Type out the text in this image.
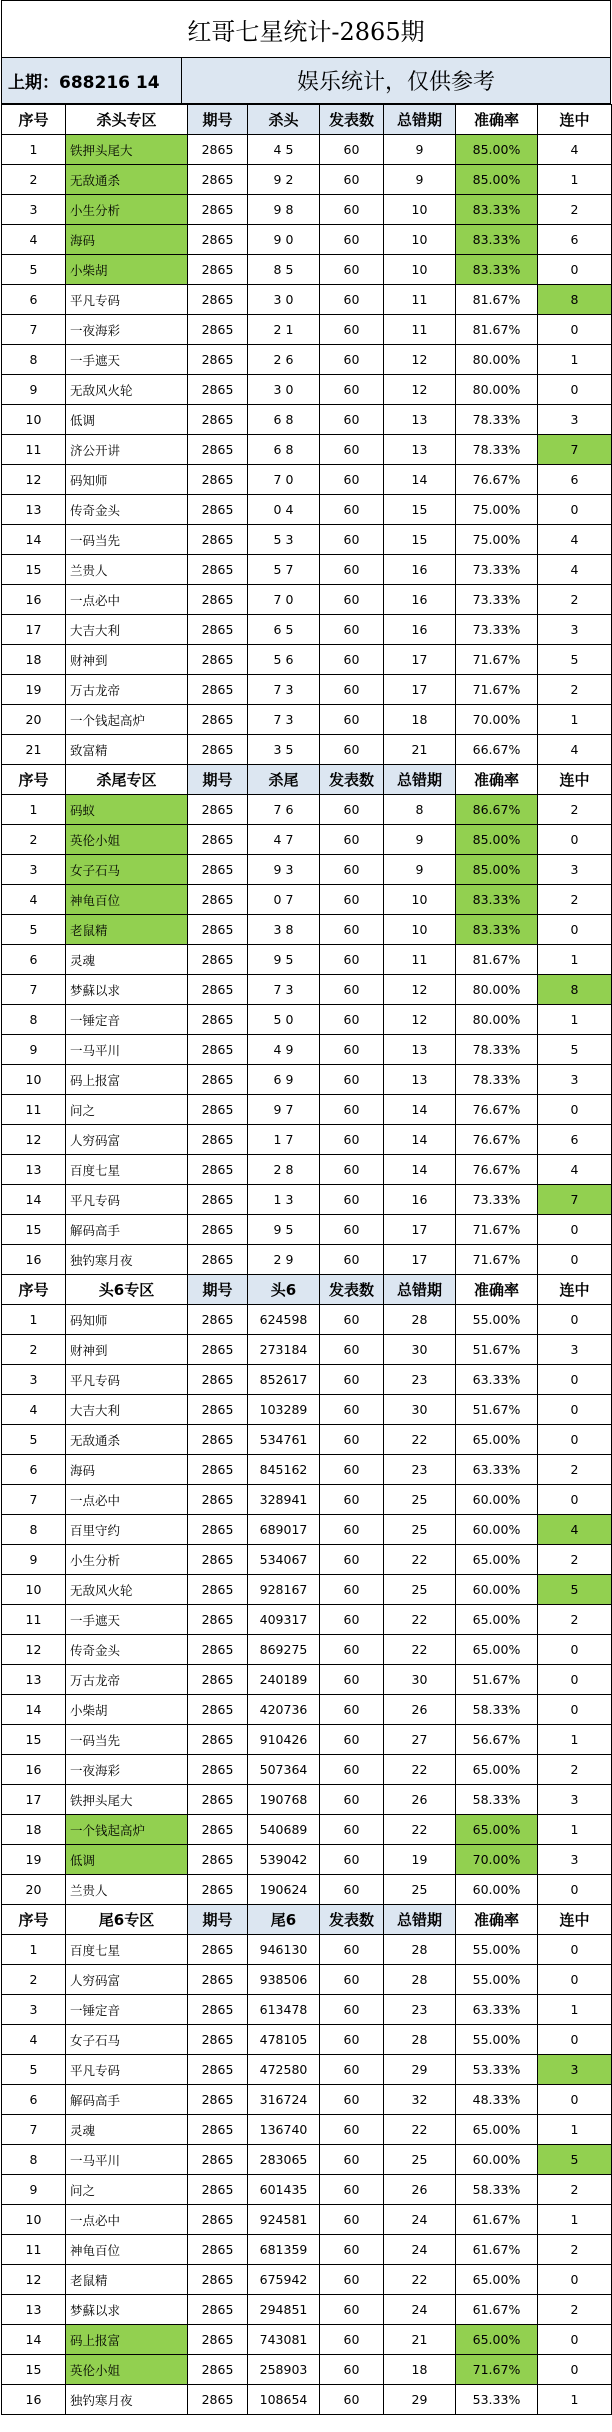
红哥七星统计-2865期
上期：688216 14	娱乐统计，仅供参考
序号	杀头专区	期号	杀头	发表数	总错期	准确率	连中
1	铁押头尾大	2865	4 5	60	9	85.00%	4
2	无敌通杀	2865	9 2	60	9	85.00%	1
3	小生分析	2865	9 8	60	10	83.33%	2
4	海码	2865	9 0	60	10	83.33%	6
5	小柴胡	2865	8 5	60	10	83.33%	0
6	平凡专码	2865	3 0	60	11	81.67%	8
7	一夜海彩	2865	2 1	60	11	81.67%	0
8	一手遮天	2865	2 6	60	12	80.00%	1
9	无敌风火轮	2865	3 0	60	12	80.00%	0
10	低调	2865	6 8	60	13	78.33%	3
11	济公开讲	2865	6 8	60	13	78.33%	7
12	码知师	2865	7 0	60	14	76.67%	6
13	传奇金头	2865	0 4	60	15	75.00%	0
14	一码当先	2865	5 3	60	15	75.00%	4
15	兰贵人	2865	5 7	60	16	73.33%	4
16	一点必中	2865	7 0	60	16	73.33%	2
17	大吉大利	2865	6 5	60	16	73.33%	3
18	财神到	2865	5 6	60	17	71.67%	5
19	万古龙帝	2865	7 3	60	17	71.67%	2
20	一个钱起高炉	2865	7 3	60	18	70.00%	1
21	致富精	2865	3 5	60	21	66.67%	4
序号	杀尾专区	期号	杀尾	发表数	总错期	准确率	连中
1	码蚁	2865	7 6	60	8	86.67%	2
2	英伦小姐	2865	4 7	60	9	85.00%	0
3	女子石马	2865	9 3	60	9	85.00%	3
4	神龟百位	2865	0 7	60	10	83.33%	2
5	老鼠精	2865	3 8	60	10	83.33%	0
6	灵魂	2865	9 5	60	11	81.67%	1
7	梦蘇以求	2865	7 3	60	12	80.00%	8
8	一锤定音	2865	5 0	60	12	80.00%	1
9	一马平川	2865	4 9	60	13	78.33%	5
10	码上报富	2865	6 9	60	13	78.33%	3
11	问之	2865	9 7	60	14	76.67%	0
12	人穷码富	2865	1 7	60	14	76.67%	6
13	百度七星	2865	2 8	60	14	76.67%	4
14	平凡专码	2865	1 3	60	16	73.33%	7
15	解码高手	2865	9 5	60	17	71.67%	0
16	独钓寒月夜	2865	2 9	60	17	71.67%	0
序号	头6专区	期号	头6	发表数	总错期	准确率	连中
1	码知师	2865	624598	60	28	55.00%	0
2	财神到	2865	273184	60	30	51.67%	3
3	平凡专码	2865	852617	60	23	63.33%	0
4	大吉大利	2865	103289	60	30	51.67%	0
5	无敌通杀	2865	534761	60	22	65.00%	0
6	海码	2865	845162	60	23	63.33%	2
7	一点必中	2865	328941	60	25	60.00%	0
8	百里守约	2865	689017	60	25	60.00%	4
9	小生分析	2865	534067	60	22	65.00%	2
10	无敌风火轮	2865	928167	60	25	60.00%	5
11	一手遮天	2865	409317	60	22	65.00%	2
12	传奇金头	2865	869275	60	22	65.00%	0
13	万古龙帝	2865	240189	60	30	51.67%	0
14	小柴胡	2865	420736	60	26	58.33%	0
15	一码当先	2865	910426	60	27	56.67%	1
16	一夜海彩	2865	507364	60	22	65.00%	2
17	铁押头尾大	2865	190768	60	26	58.33%	3
18	一个钱起高炉	2865	540689	60	22	65.00%	1
19	低调	2865	539042	60	19	70.00%	3
20	兰贵人	2865	190624	60	25	60.00%	0
序号	尾6专区	期号	尾6	发表数	总错期	准确率	连中
1	百度七星	2865	946130	60	28	55.00%	0
2	人穷码富	2865	938506	60	28	55.00%	0
3	一锤定音	2865	613478	60	23	63.33%	1
4	女子石马	2865	478105	60	28	55.00%	0
5	平凡专码	2865	472580	60	29	53.33%	3
6	解码高手	2865	316724	60	32	48.33%	0
7	灵魂	2865	136740	60	22	65.00%	1
8	一马平川	2865	283065	60	25	60.00%	5
9	问之	2865	601435	60	26	58.33%	2
10	一点必中	2865	924581	60	24	61.67%	1
11	神龟百位	2865	681359	60	24	61.67%	2
12	老鼠精	2865	675942	60	22	65.00%	0
13	梦蘇以求	2865	294851	60	24	61.67%	2
14	码上报富	2865	743081	60	21	65.00%	0
15	英伦小姐	2865	258903	60	18	71.67%	0
16	独钓寒月夜	2865	108654	60	29	53.33%	1
